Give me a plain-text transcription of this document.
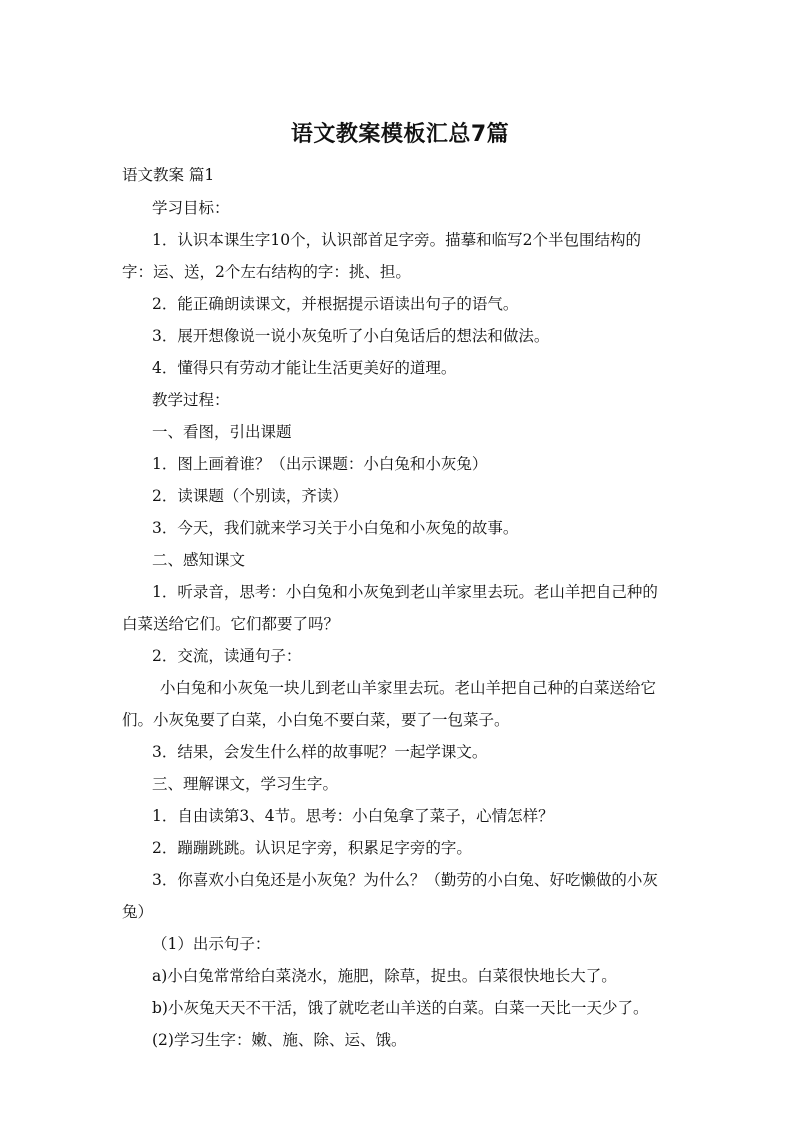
语文教案模板汇总7篇

语文教案 篇1

学习目标：

1．认识本课生字10个，认识部首足字旁。描摹和临写2个半包围结构的

字：运、送，2个左右结构的字：挑、担。

2．能正确朗读课文，并根据提示语读出句子的语气。

3．展开想像说一说小灰兔听了小白兔话后的想法和做法。

4．懂得只有劳动才能让生活更美好的道理。

教学过程：

一、看图，引出课题

1．图上画着谁？（出示课题：小白兔和小灰兔）

2．读课题（个别读，齐读）

3．今天，我们就来学习关于小白兔和小灰兔的故事。

二、感知课文

1．听录音，思考：小白兔和小灰兔到老山羊家里去玩。老山羊把自己种的

白菜送给它们。它们都要了吗？

2．交流，读通句子：

小白兔和小灰兔一块儿到老山羊家里去玩。老山羊把自己种的白菜送给它

们。小灰兔要了白菜，小白兔不要白菜，要了一包菜子。

3．结果，会发生什么样的故事呢？一起学课文。

三、理解课文，学习生字。

1．自由读第3、4节。思考：小白兔拿了菜子，心情怎样？

2．蹦蹦跳跳。认识足字旁，积累足字旁的字。

3．你喜欢小白兔还是小灰兔？为什么？（勤劳的小白兔、好吃懒做的小灰

兔）

（1）出示句子：

a)小白兔常常给白菜浇水，施肥，除草，捉虫。白菜很快地长大了。

b)小灰兔天天不干活，饿了就吃老山羊送的白菜。白菜一天比一天少了。

(2)学习生字：嫩、施、除、运、饿。
